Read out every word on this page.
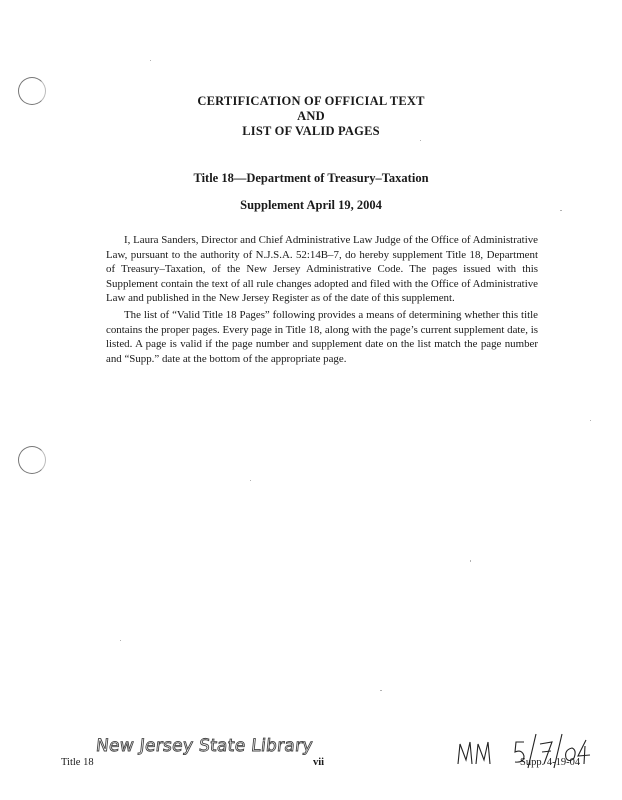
CERTIFICATION OF OFFICIAL TEXT
AND
LIST OF VALID PAGES
Title 18—Department of Treasury–Taxation
Supplement April 19, 2004

I, Laura Sanders, Director and Chief Administrative Law Judge of the Office of Administrative Law, pursuant to the authority of N.J.S.A. 52:14B–7, do hereby supplement Title 18, Department of Treasury–Taxation, of the New Jersey Administrative Code. The pages issued with this Supplement contain the text of all rule changes adopted and filed with the Office of Administrative Law and published in the New Jersey Register as of the date of this supplement.

The list of “Valid Title 18 Pages” following provides a means of determining whether this title contains the proper pages. Every page in Title 18, along with the page’s current supplement date, is listed. A page is valid if the page number and supplement date on the list match the page number and “Supp.” date at the bottom of the appropriate page.

New Jersey State Library
Title 18	vii	Supp. 4-19-04
